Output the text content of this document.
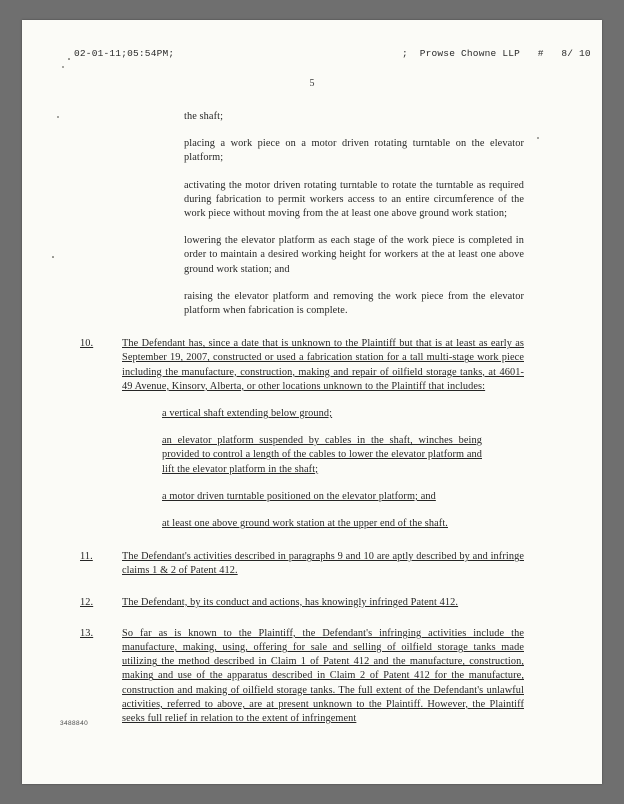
02-01-11;05:54PM;	;  Prowse Chowne LLP   #   8/ 10
5
the shaft;
placing a work piece on a motor driven rotating turntable on the elevator platform;
activating the motor driven rotating turntable to rotate the turntable as required during fabrication to permit workers access to an entire circumference of the work piece without moving from the at least one above ground work station;
lowering the elevator platform as each stage of the work piece is completed in order to maintain a desired working height for workers at the at least one above ground work station; and
raising the elevator platform and removing the work piece from the elevator platform when fabrication is complete.
10.	The Defendant has, since a date that is unknown to the Plaintiff but that is at least as early as September 19, 2007, constructed or used a fabrication station for a tall multi-stage work piece including the manufacture, construction, making and repair of oilfield storage tanks, at 4601-49 Avenue, Kinsorv, Alberta, or other locations unknown to the Plaintiff that includes:
a vertical shaft extending below ground;
an elevator platform suspended by cables in the shaft, winches being provided to control a length of the cables to lower the elevator platform and lift the elevator platform in the shaft;
a motor driven turntable positioned on the elevator platform; and
at least one above ground work station at the upper end of the shaft.
11.	The Defendant's activities described in paragraphs 9 and 10 are aptly described by and infringe claims 1 & 2 of Patent 412.
12.	The Defendant, by its conduct and actions, has knowingly infringed Patent 412.
13.	So far as is known to the Plaintiff, the Defendant's infringing activities include the manufacture, making, using, offering for sale and selling of oilfield storage tanks made utilizing the method described in Claim 1 of Patent 412 and the manufacture, construction, making and use of the apparatus described in Claim 2 of Patent 412 for the manufacture, construction and making of oilfield storage tanks. The full extent of the Defendant's unlawful activities, referred to above, are at present unknown to the Plaintiff. However, the Plaintiff seeks full relief in relation to the extent of infringement
3488840
